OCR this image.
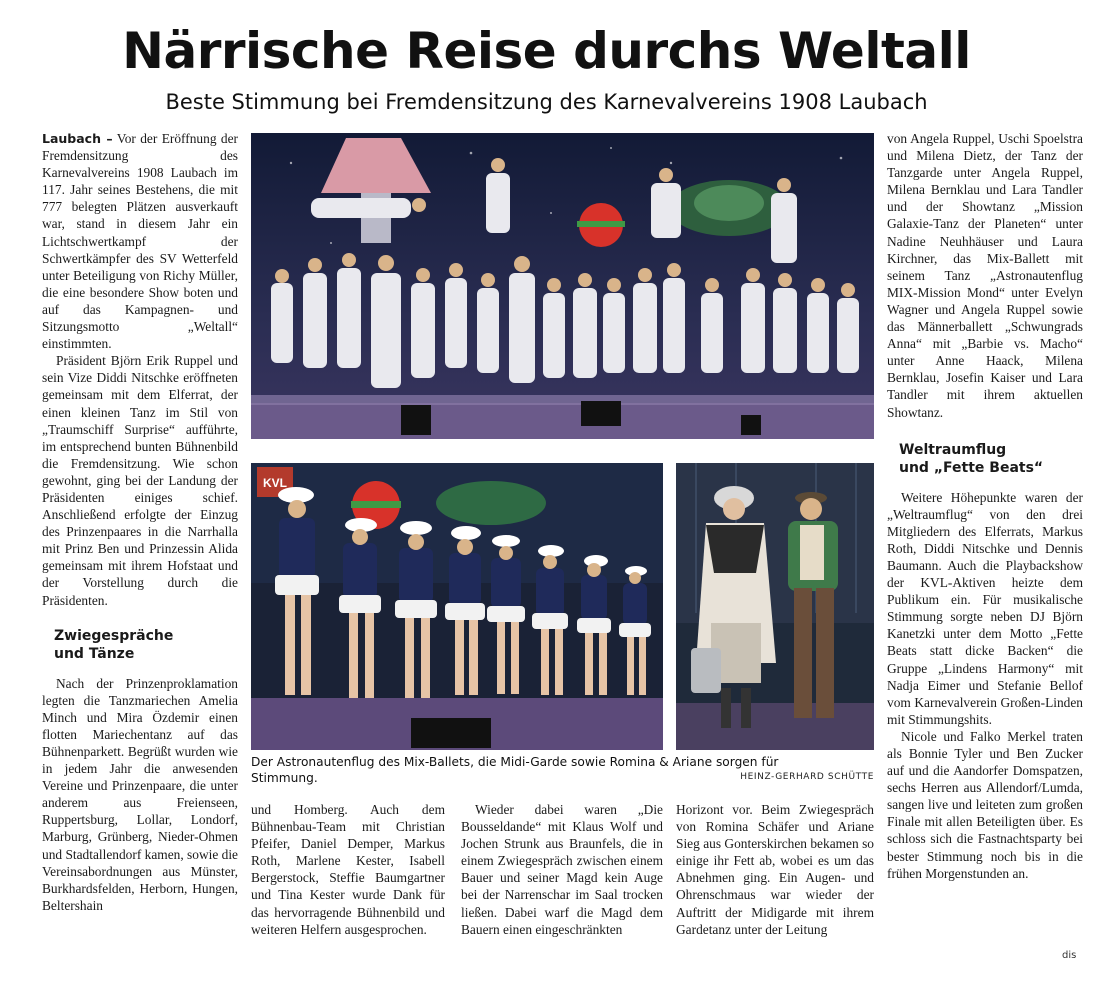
Närrische Reise durchs Weltall
Beste Stimmung bei Fremdensitzung des Karnevalvereins 1908 Laubach

Laubach – Vor der Eröffnung der Fremdensitzung des Karnevalvereins 1908 Laubach im 117. Jahr seines Bestehens, die mit 777 belegten Plätzen ausverkauft war, stand in diesem Jahr ein Lichtschwertkampf der Schwertkämpfer des SV Wetterfeld unter Beteiligung von Richy Müller, die eine besondere Show boten und auf das Kampagnen- und Sitzungsmotto „Weltall“ einstimmten.

Präsident Björn Erik Ruppel und sein Vize Diddi Nitschke eröffneten gemeinsam mit dem Elferrat, der einen kleinen Tanz im Stil von „Traumschiff Surprise“ aufführte, im entsprechend bunten Bühnenbild die Fremdensitzung. Wie schon gewohnt, ging bei der Landung der Präsidenten einiges schief. Anschließend erfolgte der Einzug des Prinzenpaares in die Narrhalla mit Prinz Ben und Prinzessin Alida gemeinsam mit ihrem Hofstaat und der Vorstellung durch die Präsidenten.

Zwiegespräche
und Tänze

Nach der Prinzenproklamation legten die Tanzmariechen Amelia Minch und Mira Özdemir einen flotten Mariechentanz auf das Bühnenparkett. Begrüßt wurden wie in jedem Jahr die anwesenden Vereine und Prinzenpaare, die unter anderem aus Freienseen, Ruppertsburg, Lollar, Londorf, Marburg, Grünberg, Nieder-Ohmen und Stadtallendorf kamen, sowie die Vereinsabordnungen aus Münster, Burkhardsfelden, Herborn, Hungen, Beltershain

KVL
Der Astronautenflug des Mix-Ballets, die Midi-Garde sowie Romina & Ariane sorgen für
Stimmung.	HEINZ-GERHARD SCHÜTTE

und Homberg. Auch dem Bühnenbau-Team mit Christian Pfeifer, Daniel Demper, Markus Roth, Marlene Kester, Isabell Bergerstock, Steffie Baumgartner und Tina Kester wurde Dank für das hervorragende Bühnenbild und weiteren Helfern ausgesprochen.

Wieder dabei waren „Die Bousseldande“ mit Klaus Wolf und Jochen Strunk aus Braunfels, die in einem Zwiegespräch zwischen einem Bauer und seiner Magd kein Auge bei der Narrenschar im Saal trocken ließen. Dabei warf die Magd dem Bauern einen eingeschränkten

Horizont vor. Beim Zwiegespräch von Romina Schäfer und Ariane Sieg aus Gonterskirchen bekamen so einige ihr Fett ab, wobei es um das Abnehmen ging. Ein Augen- und Ohrenschmaus war wieder der Auftritt der Midigarde mit ihrem Gardetanz unter der Leitung

von Angela Ruppel, Uschi Spoelstra und Milena Dietz, der Tanz der Tanzgarde unter Angela Ruppel, Milena Bernklau und Lara Tandler und der Showtanz „Mission Galaxie-Tanz der Planeten“ unter Nadine Neuhhäuser und Laura Kirchner, das Mix-Ballett mit seinem Tanz „Astronautenflug MIX-Mission Mond“ unter Evelyn Wagner und Angela Ruppel sowie das Männerballett „Schwungrads Anna“ mit „Barbie vs. Macho“ unter Anne Haack, Milena Bernklau, Josefin Kaiser und Lara Tandler mit ihrem aktuellen Showtanz.

Weltraumflug
und „Fette Beats“

Weitere Höhepunkte waren der „Weltraumflug“ von den drei Mitgliedern des Elferrats, Markus Roth, Diddi Nitschke und Dennis Baumann. Auch die Playbackshow der KVL-Aktiven heizte dem Publikum ein. Für musikalische Stimmung sorgte neben DJ Björn Kanetzki unter dem Motto „Fette Beats statt dicke Backen“ die Gruppe „Lindens Harmony“ mit Nadja Eimer und Stefanie Bellof vom Karnevalverein Großen-Linden mit Stimmungshits.

Nicole und Falko Merkel traten als Bonnie Tyler und Ben Zucker auf und die Aandorfer Domspatzen, sechs Herren aus Allendorf/Lumda, sangen live und leiteten zum großen Finale mit allen Beteiligten über. Es schloss sich die Fastnachtsparty bei bester Stimmung noch bis in die frühen Morgenstunden an.

dis
